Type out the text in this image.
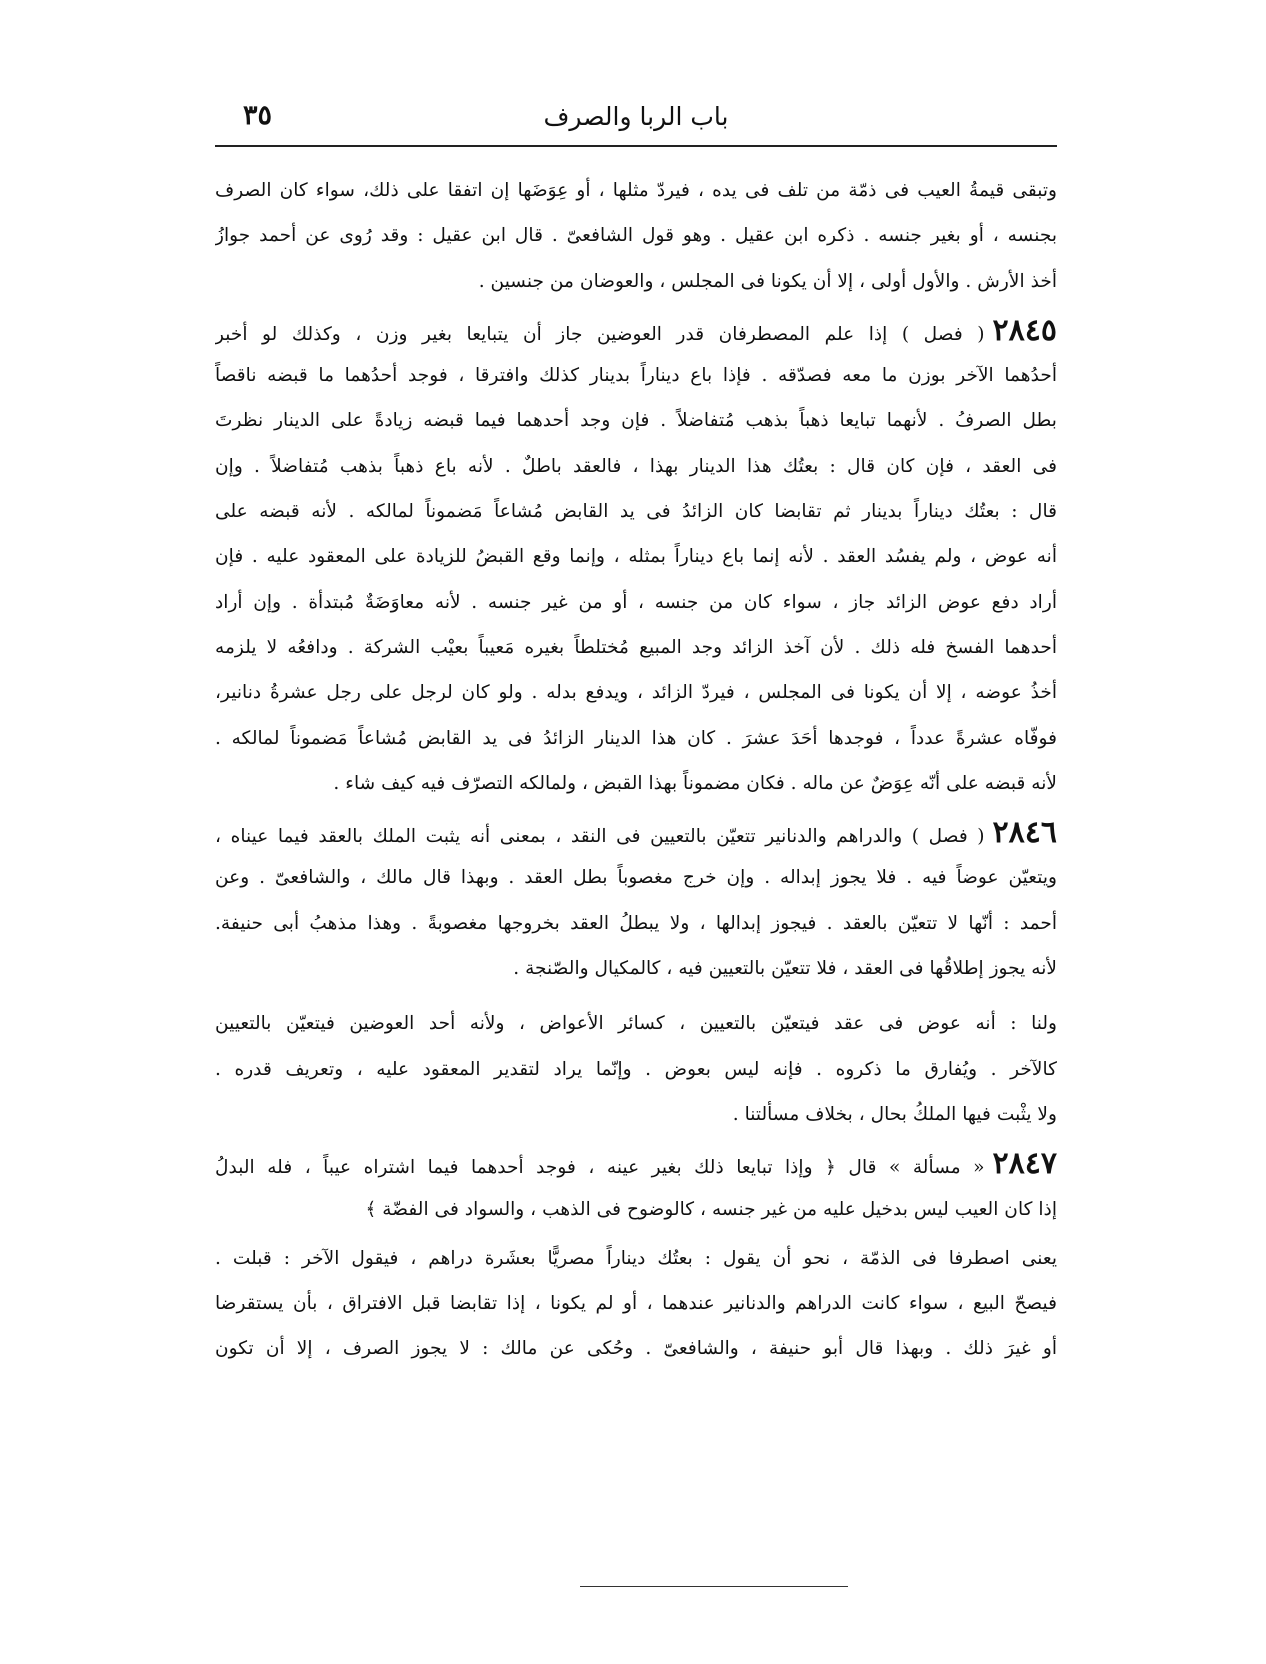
باب الربا والصرف
٣٥
وتبقى قيمةُ العيب فى ذمّة من تلف فى يده ، فيردّ مثلها ، أو عِوَضَها إن اتفقا على ذلك، سواء كان الصرف
بجنسه ، أو بغير جنسه . ذكره ابن عقيل . وهو قول الشافعىّ . قال ابن عقيل : وقد رُوى عن أحمد جوازُ
أخذ الأرش . والأول أولى ، إلا أن يكونا فى المجلس ، والعوضان من جنسين .
٢٨٤٥( فصل ) إذا علم المصطرفان قدر العوضين جاز أن يتبايعا بغير وزن ، وكذلك لو أخبر
أحدُهما الآخر بوزن ما معه فصدّقه . فإذا باع ديناراً بدينار كذلك وافترقا ، فوجد أحدُهما ما قبضه ناقصاً
بطل الصرفُ . لأنهما تبايعا ذهباً بذهب مُتفاضلاً . فإن وجد أحدهما فيما قبضه زيادةً على الدينار نظرتَ
فى العقد ، فإن كان قال : بعتُك هذا الدينار بهذا ، فالعقد باطلٌ . لأنه باع ذهباً بذهب مُتفاضلاً . وإن
قال : بعتُك ديناراً بدينار ثم تقابضا كان الزائدُ فى يد القابض مُشاعاً مَضموناً لمالكه . لأنه قبضه على
أنه عوض ، ولم يفسُد العقد . لأنه إنما باع ديناراً بمثله ، وإنما وقع القبضُ للزيادة على المعقود عليه . فإن
أراد دفع عوض الزائد جاز ، سواء كان من جنسه ، أو من غير جنسه . لأنه معاوَضَةٌ مُبتدأة . وإن أراد
أحدهما الفسخ فله ذلك . لأن آخذ الزائد وجد المبيع مُختلطاً بغيره مَعيباً بعيْب الشركة . ودافعُه لا يلزمه
أخذُ عوضه ، إلا أن يكونا فى المجلس ، فيردّ الزائد ، ويدفع بدله . ولو كان لرجل على رجل عشرةُ دنانير،
فوفّاه عشرةً عدداً ، فوجدها أحَدَ عشرَ . كان هذا الدينار الزائدُ فى يد القابض مُشاعاً مَضموناً لمالكه .
لأنه قبضه على أنّه عِوَضٌ عن ماله . فكان مضموناً بهذا القبض ، ولمالكه التصرّف فيه كيف شاء .
٢٨٤٦( فصل ) والدراهم والدنانير تتعيّن بالتعيين فى النقد ، بمعنى أنه يثبت الملك بالعقد فيما عيناه ،
ويتعيّن عوضاً فيه . فلا يجوز إبداله . وإن خرج مغصوباً بطل العقد . وبهذا قال مالك ، والشافعىّ . وعن
أحمد : أنّها لا تتعيّن بالعقد . فيجوز إبدالها ، ولا يبطلُ العقد بخروجها مغصوبةً . وهذا مذهبُ أبى حنيفة.
لأنه يجوز إطلاقُها فى العقد ، فلا تتعيّن بالتعيين فيه ، كالمكيال والصّنجة .
ولنا : أنه عوض فى عقد فيتعيّن بالتعيين ، كسائر الأعواض ، ولأنه أحد العوضين فيتعيّن بالتعيين
كالآخر . ويُفارق ما ذكروه . فإنه ليس بعوض . وإنّما يراد لتقدير المعقود عليه ، وتعريف قدره .
ولا يثْبت فيها الملكُ بحال ، بخلاف مسألتنا .
٢٨٤٧« مسألة » قال ﴿ وإذا تبايعا ذلك بغير عينه ، فوجد أحدهما فيما اشتراه عيباً ، فله البدلُ
إذا كان العيب ليس بدخيل عليه من غير جنسه ، كالوضوح فى الذهب ، والسواد فى الفضّة ﴾
يعنى اصطرفا فى الذمّة ، نحو أن يقول : بعتُك ديناراً مصريًّا بعشَرة دراهم ، فيقول الآخر : قبلت .
فيصحّ البيع ، سواء كانت الدراهم والدنانير عندهما ، أو لم يكونا ، إذا تقابضا قبل الافتراق ، بأن يستقرضا
أو غيرَ ذلك . وبهذا قال أبو حنيفة ، والشافعىّ . وحُكى عن مالك : لا يجوز الصرف ، إلا أن تكون
